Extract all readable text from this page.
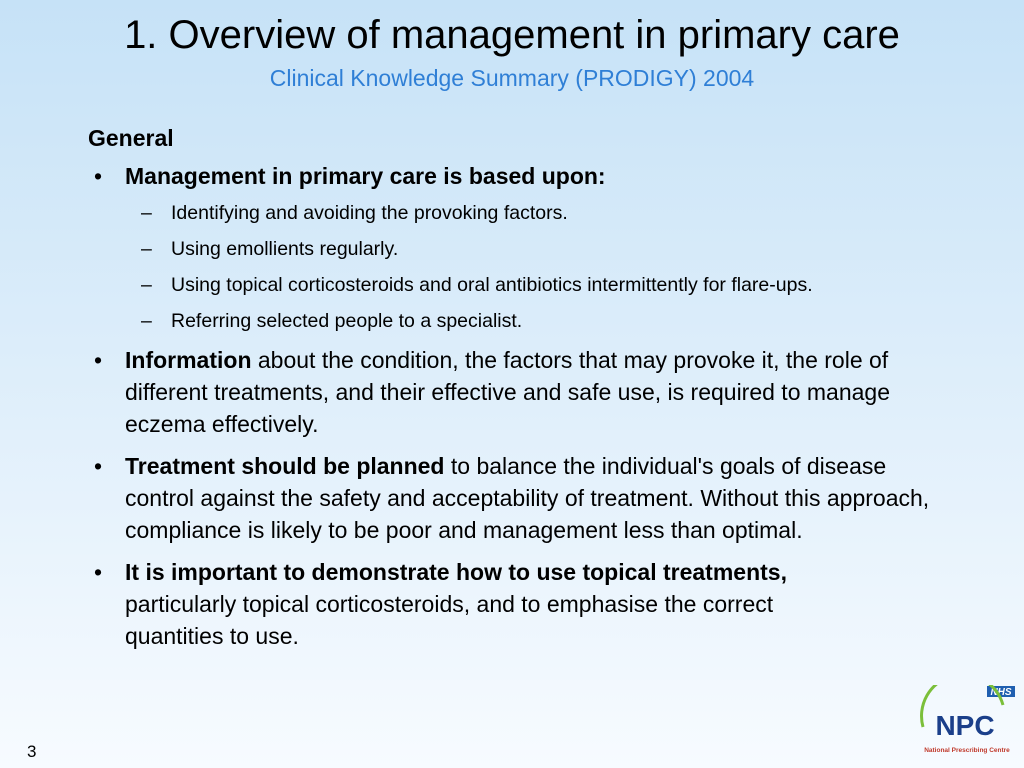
1. Overview of management in primary care
Clinical Knowledge Summary (PRODIGY) 2004
General
• Management in primary care is based upon:
– Identifying and avoiding the provoking factors.
– Using emollients regularly.
– Using topical corticosteroids and oral antibiotics intermittently for flare-ups.
– Referring selected people to a specialist.
• Information about the condition, the factors that may provoke it, the role of different treatments, and their effective and safe use, is required to manage eczema effectively.
• Treatment should be planned to balance the individual's goals of disease control against the safety and acceptability of treatment. Without this approach, compliance is likely to be poor and management less than optimal.
• It is important to demonstrate how to use topical treatments, particularly topical corticosteroids, and to emphasise the correct quantities to use.
3
NHS
NPC
National Prescribing Centre
